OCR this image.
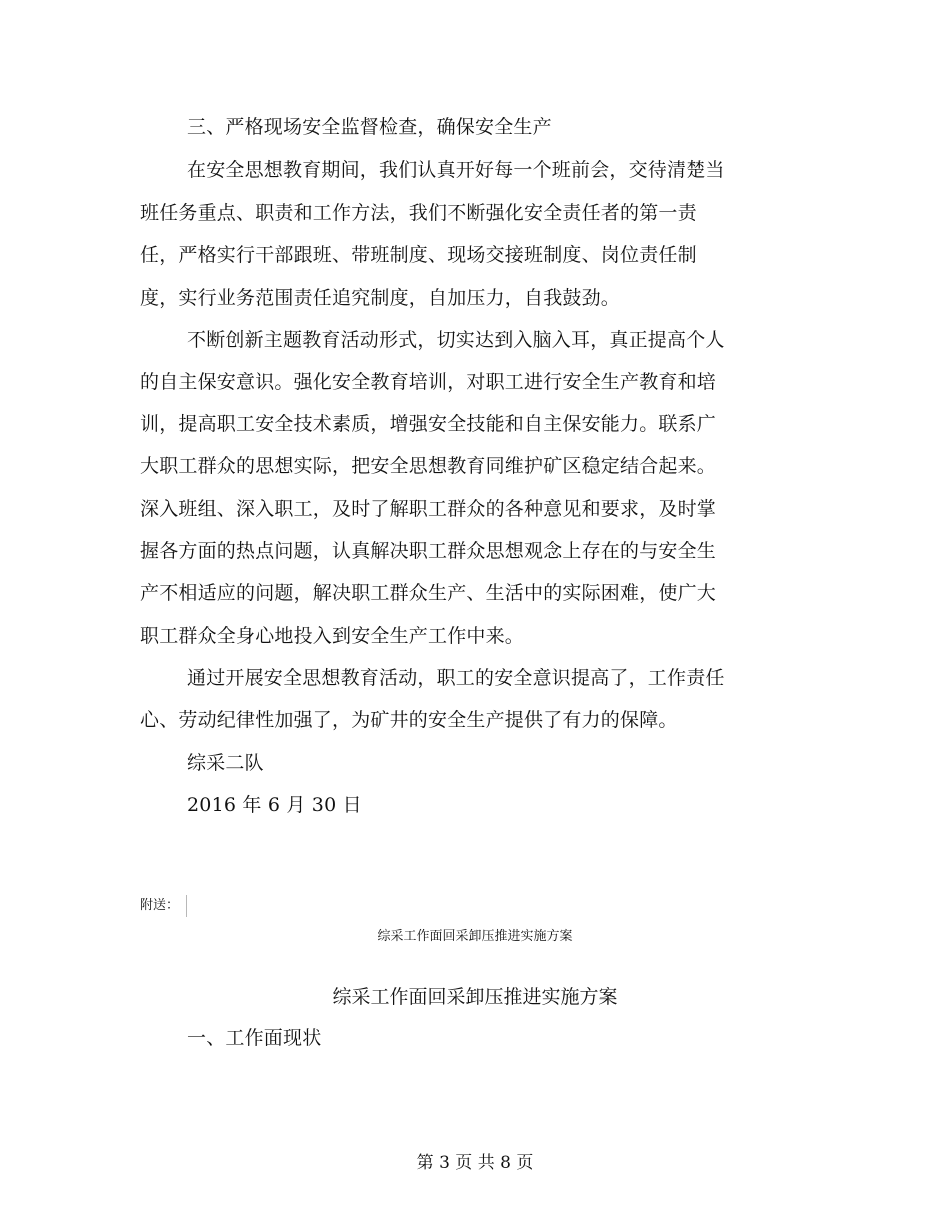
三、严格现场安全监督检查，确保安全生产
在安全思想教育期间，我们认真开好每一个班前会，交待清楚当
班任务重点、职责和工作方法，我们不断强化安全责任者的第一责
任，严格实行干部跟班、带班制度、现场交接班制度、岗位责任制
度，实行业务范围责任追究制度，自加压力，自我鼓劲。
不断创新主题教育活动形式，切实达到入脑入耳，真正提高个人
的自主保安意识。强化安全教育培训，对职工进行安全生产教育和培
训，提高职工安全技术素质，增强安全技能和自主保安能力。联系广
大职工群众的思想实际，把安全思想教育同维护矿区稳定结合起来。
深入班组、深入职工，及时了解职工群众的各种意见和要求，及时掌
握各方面的热点问题，认真解决职工群众思想观念上存在的与安全生
产不相适应的问题，解决职工群众生产、生活中的实际困难，使广大
职工群众全身心地投入到安全生产工作中来。
通过开展安全思想教育活动，职工的安全意识提高了，工作责任
心、劳动纪律性加强了，为矿井的安全生产提供了有力的保障。
综采二队
2016 年 6 月 30 日
附送：
综采工作面回采卸压推进实施方案
综采工作面回采卸压推进实施方案
一、工作面现状
第 3 页 共 8 页
